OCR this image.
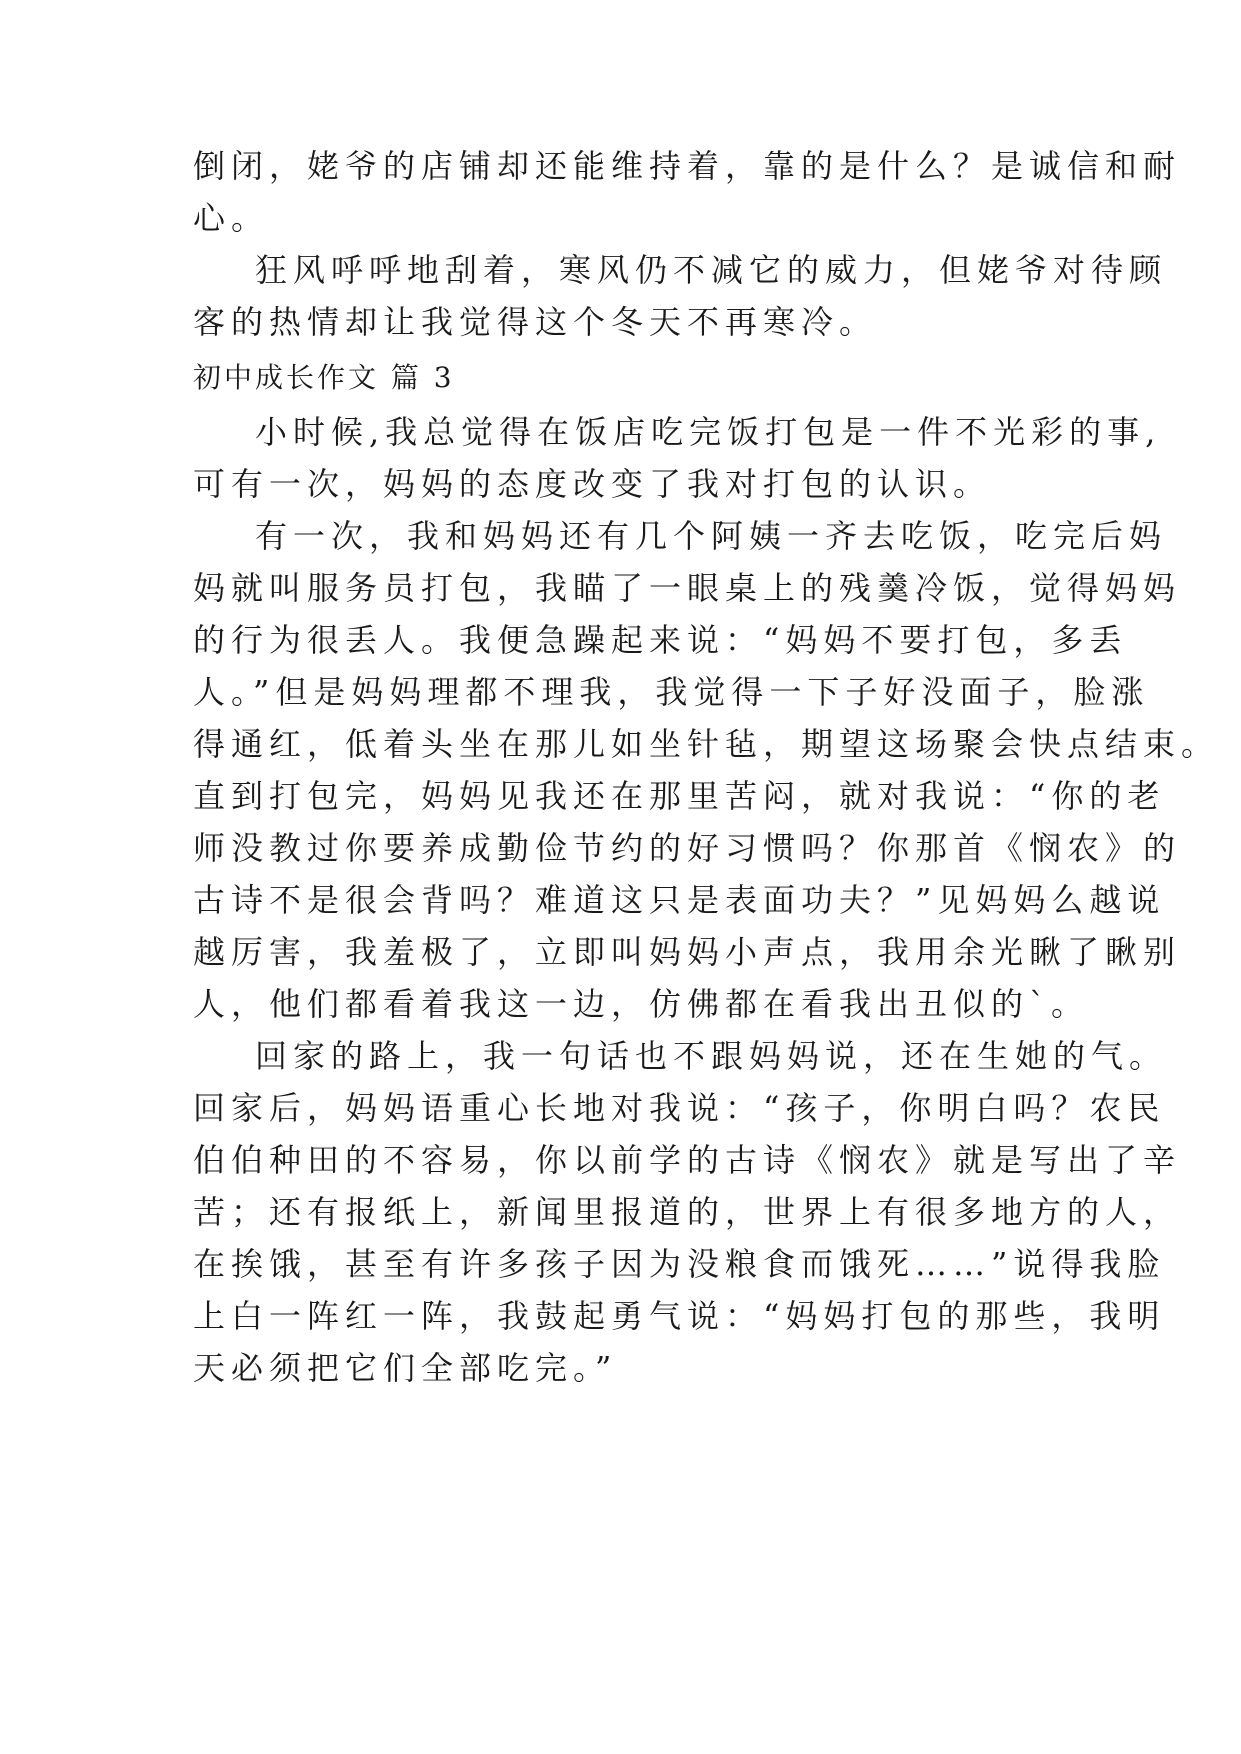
倒闭，姥爷的店铺却还能维持着，靠的是什么？是诚信和耐
心。
狂风呼呼地刮着，寒风仍不减它的威力，但姥爷对待顾
客的热情却让我觉得这个冬天不再寒冷。
初中成长作文 篇 3
小时候,我总觉得在饭店吃完饭打包是一件不光彩的事,
可有一次，妈妈的态度改变了我对打包的认识。
有一次，我和妈妈还有几个阿姨一齐去吃饭，吃完后妈
妈就叫服务员打包，我瞄了一眼桌上的残羹冷饭，觉得妈妈
的行为很丢人。我便急躁起来说：“妈妈不要打包，多丢
人。”但是妈妈理都不理我，我觉得一下子好没面子，脸涨
得通红，低着头坐在那儿如坐针毡，期望这场聚会快点结束。
直到打包完，妈妈见我还在那里苦闷，就对我说：“你的老
师没教过你要养成勤俭节约的好习惯吗？你那首《悯农》的
古诗不是很会背吗？难道这只是表面功夫？”见妈妈么越说
越厉害，我羞极了，立即叫妈妈小声点，我用余光瞅了瞅别
人，他们都看着我这一边，仿佛都在看我出丑似的`。
回家的路上，我一句话也不跟妈妈说，还在生她的气。
回家后，妈妈语重心长地对我说：“孩子，你明白吗？农民
伯伯种田的不容易，你以前学的古诗《悯农》就是写出了辛
苦；还有报纸上，新闻里报道的，世界上有很多地方的人，
在挨饿，甚至有许多孩子因为没粮食而饿死……”说得我脸
上白一阵红一阵，我鼓起勇气说：“妈妈打包的那些，我明
天必须把它们全部吃完。”
